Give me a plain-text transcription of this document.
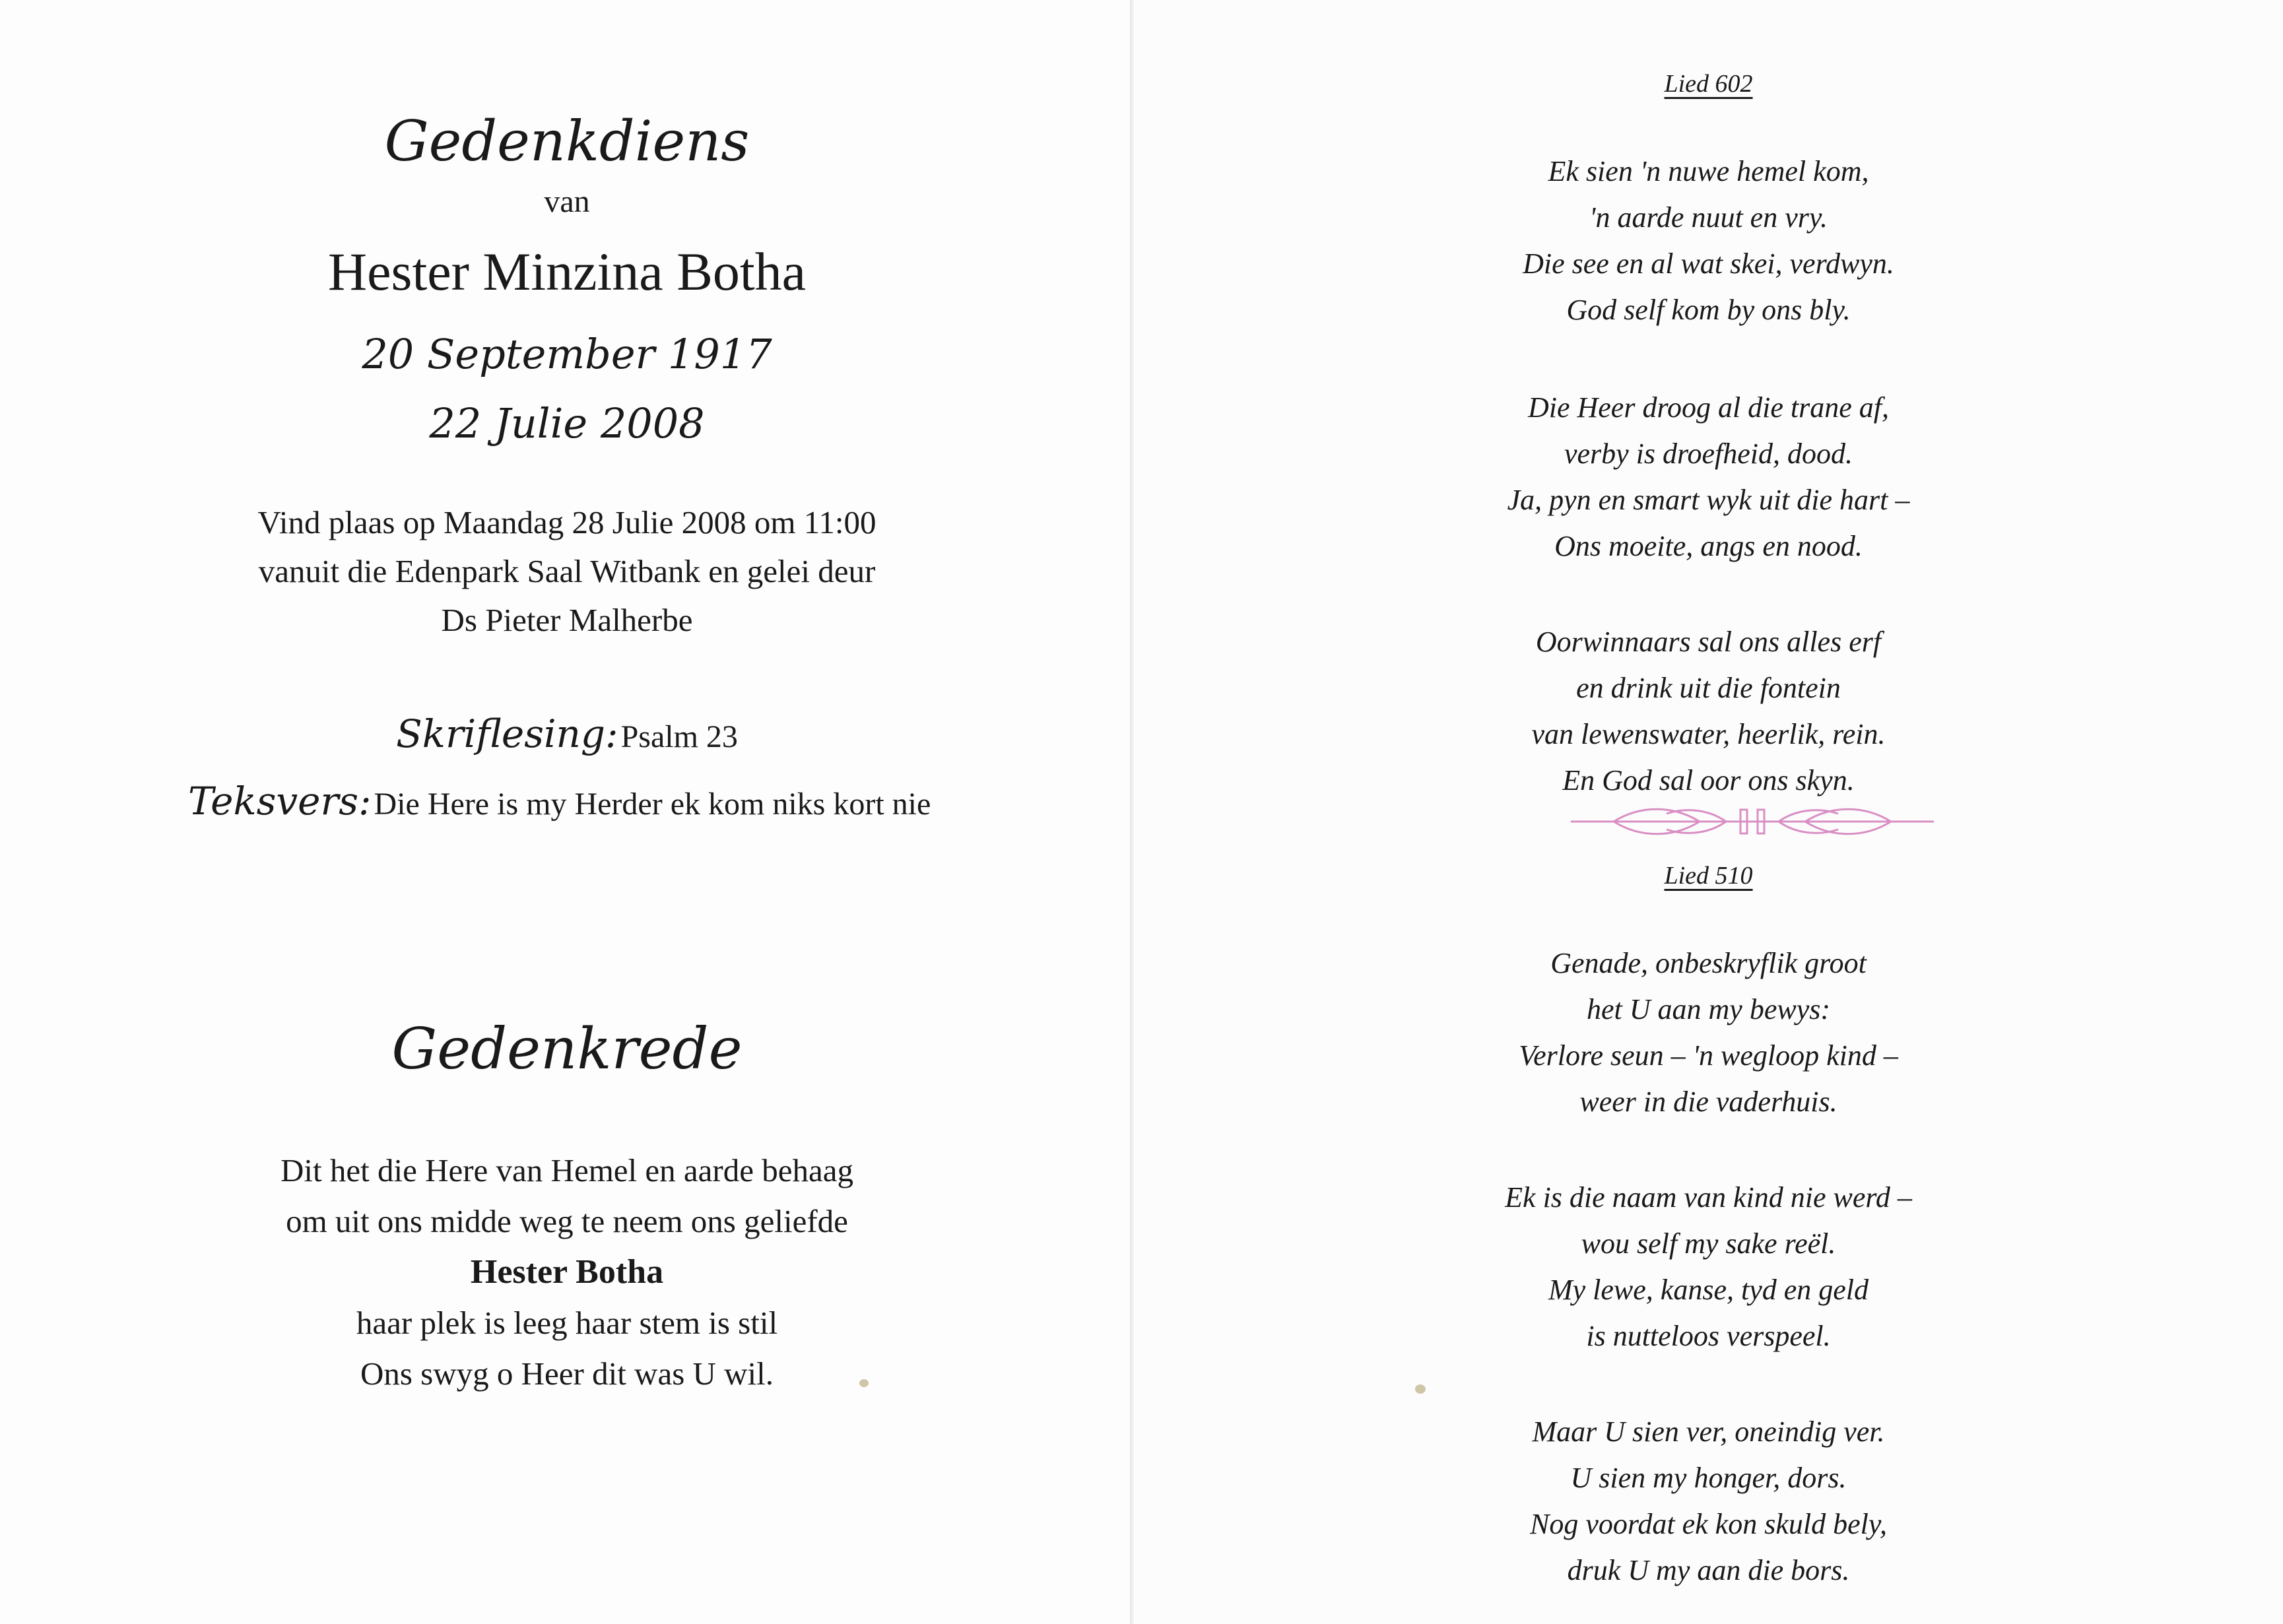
Gedenkdiens
van
Hester Minzina Botha
20 September 1917
22 Julie 2008
Vind plaas op Maandag 28 Julie 2008 om 11:00
vanuit die Edenpark Saal Witbank en gelei deur
Ds Pieter Malherbe
Skriflesing: Psalm 23
Teksvers: Die Here is my Herder ek kom niks kort nie
Gedenkrede
Dit het die Here van Hemel en aarde behaag
om uit ons midde weg te neem ons geliefde
Hester Botha
haar plek is leeg haar stem is stil
Ons swyg o Heer dit was U wil.
Lied 602
Ek sien 'n nuwe hemel kom,
'n aarde nuut en vry.
Die see en al wat skei, verdwyn.
God self kom by ons bly.
Die Heer droog al die trane af,
verby is droefheid, dood.
Ja, pyn en smart wyk uit die hart –
Ons moeite, angs en nood.
Oorwinnaars sal ons alles erf
en drink uit die fontein
van lewenswater, heerlik, rein.
En God sal oor ons skyn.
Lied 510
Genade, onbeskryflik groot
het U aan my bewys:
Verlore seun – 'n wegloop kind –
weer in die vaderhuis.
Ek is die naam van kind nie werd –
wou self my sake reël.
My lewe, kanse, tyd en geld
is nutteloos verspeel.
Maar U sien ver, oneindig ver.
U sien my honger, dors.
Nog voordat ek kon skuld bely,
druk U my aan die bors.
